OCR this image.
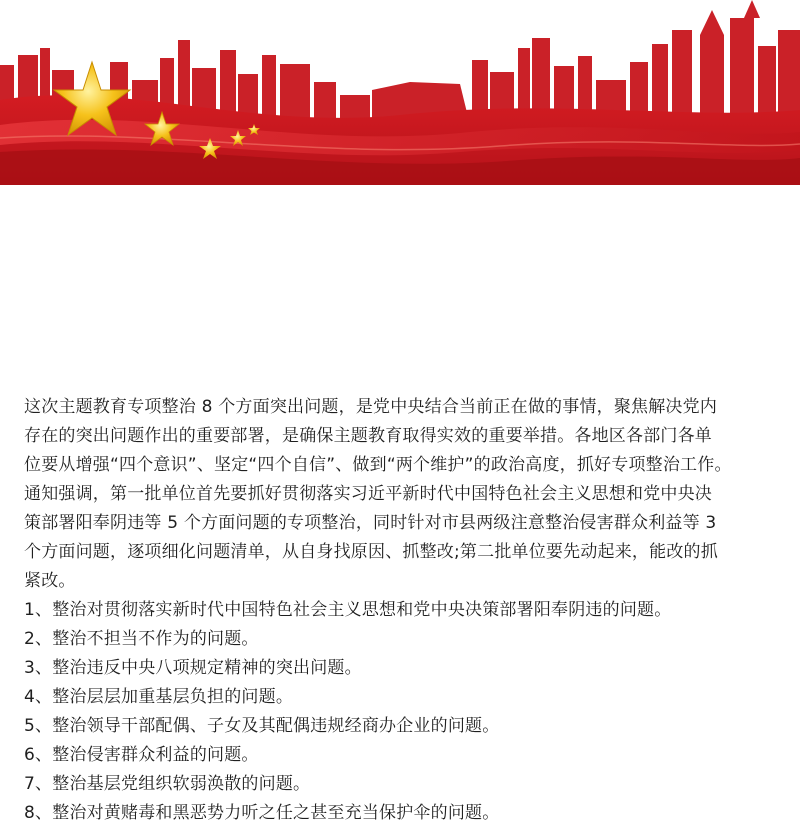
这次主题教育专项整治 8 个方面突出问题，是党中央结合当前正在做的事情，聚焦解决党内
存在的突出问题作出的重要部署，是确保主题教育取得实效的重要举措。各地区各部门各单
位要从增强“四个意识”、坚定“四个自信”、做到“两个维护”的政治高度，抓好专项整治工作。
通知强调，第一批单位首先要抓好贯彻落实习近平新时代中国特色社会主义思想和党中央决
策部署阳奉阴违等 5 个方面问题的专项整治，同时针对市县两级注意整治侵害群众利益等 3
个方面问题，逐项细化问题清单，从自身找原因、抓整改;第二批单位要先动起来，能改的抓
紧改。

1、整治对贯彻落实新时代中国特色社会主义思想和党中央决策部署阳奉阴违的问题。
2、整治不担当不作为的问题。
3、整治违反中央八项规定精神的突出问题。
4、整治层层加重基层负担的问题。
5、整治领导干部配偶、子女及其配偶违规经商办企业的问题。
6、整治侵害群众利益的问题。
7、整治基层党组织软弱涣散的问题。
8、整治对黄赌毒和黑恶势力听之任之甚至充当保护伞的问题。
